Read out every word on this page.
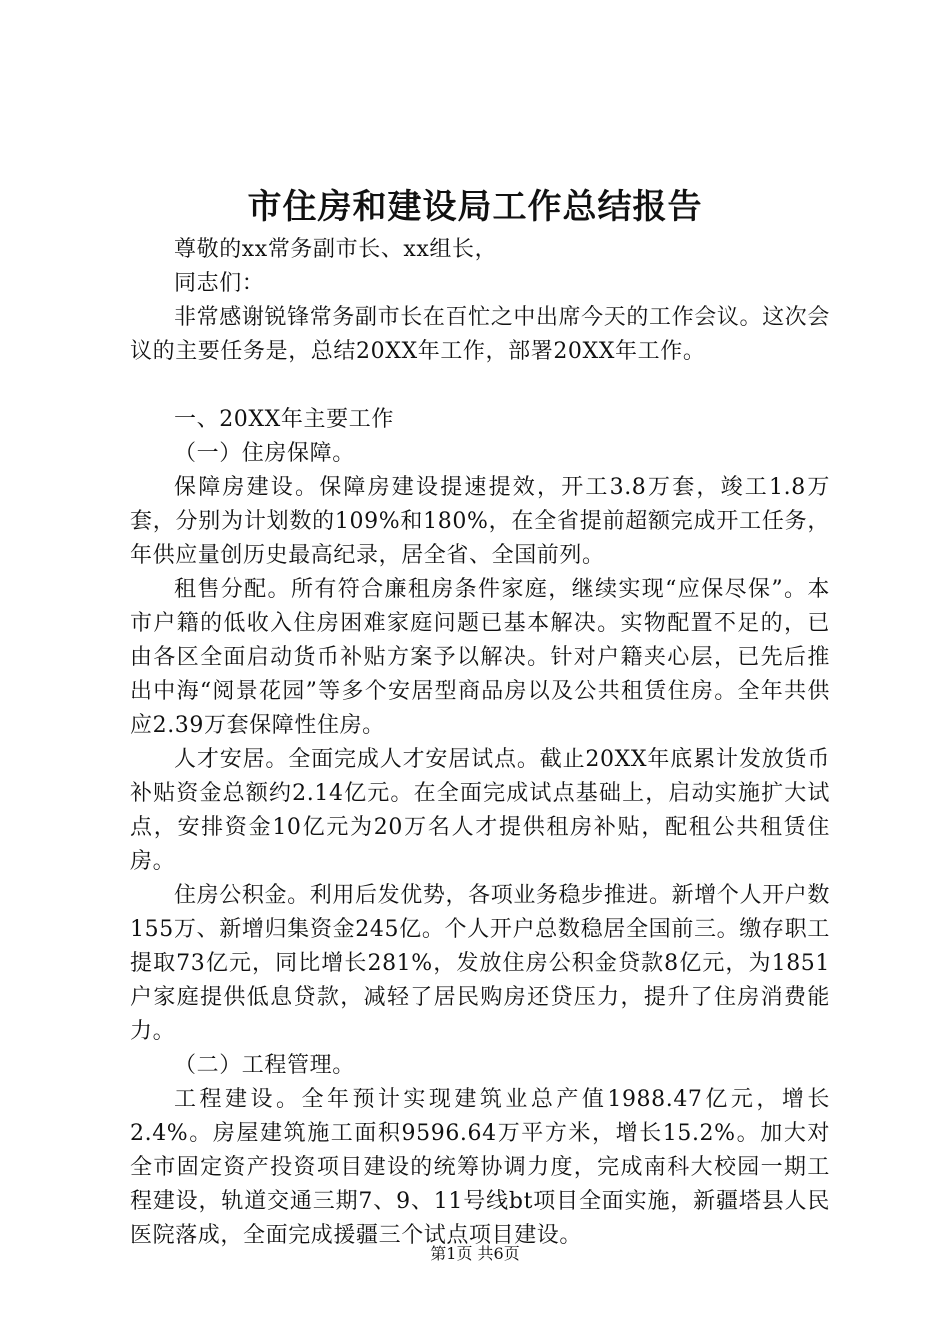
市住房和建设局工作总结报告

尊敬的xx常务副市长、xx组长，

同志们：

非常感谢锐锋常务副市长在百忙之中出席今天的工作会议。这次会议的主要任务是，总结20XX年工作，部署20XX年工作。

一、20XX年主要工作

（一）住房保障。

保障房建设。保障房建设提速提效，开工3.8万套，竣工1.8万套，分别为计划数的109%和180%，在全省提前超额完成开工任务，年供应量创历史最高纪录，居全省、全国前列。

租售分配。所有符合廉租房条件家庭，继续实现“应保尽保”。本市户籍的低收入住房困难家庭问题已基本解决。实物配置不足的，已由各区全面启动货币补贴方案予以解决。针对户籍夹心层，已先后推出中海“阅景花园”等多个安居型商品房以及公共租赁住房。全年共供应2.39万套保障性住房。

人才安居。全面完成人才安居试点。截止20XX年底累计发放货币补贴资金总额约2.14亿元。在全面完成试点基础上，启动实施扩大试点，安排资金10亿元为20万名人才提供租房补贴，配租公共租赁住房。

住房公积金。利用后发优势，各项业务稳步推进。新增个人开户数155万、新增归集资金245亿。个人开户总数稳居全国前三。缴存职工提取73亿元，同比增长281%，发放住房公积金贷款8亿元，为1851户家庭提供低息贷款，减轻了居民购房还贷压力，提升了住房消费能力。

（二）工程管理。

工程建设。全年预计实现建筑业总产值1988.47亿元，增长2.4%。房屋建筑施工面积9596.64万平方米，增长15.2%。加大对全市固定资产投资项目建设的统筹协调力度，完成南科大校园一期工程建设，轨道交通三期7、9、11号线bt项目全面实施，新疆塔县人民医院落成，全面完成援疆三个试点项目建设。

第1页 共6页
